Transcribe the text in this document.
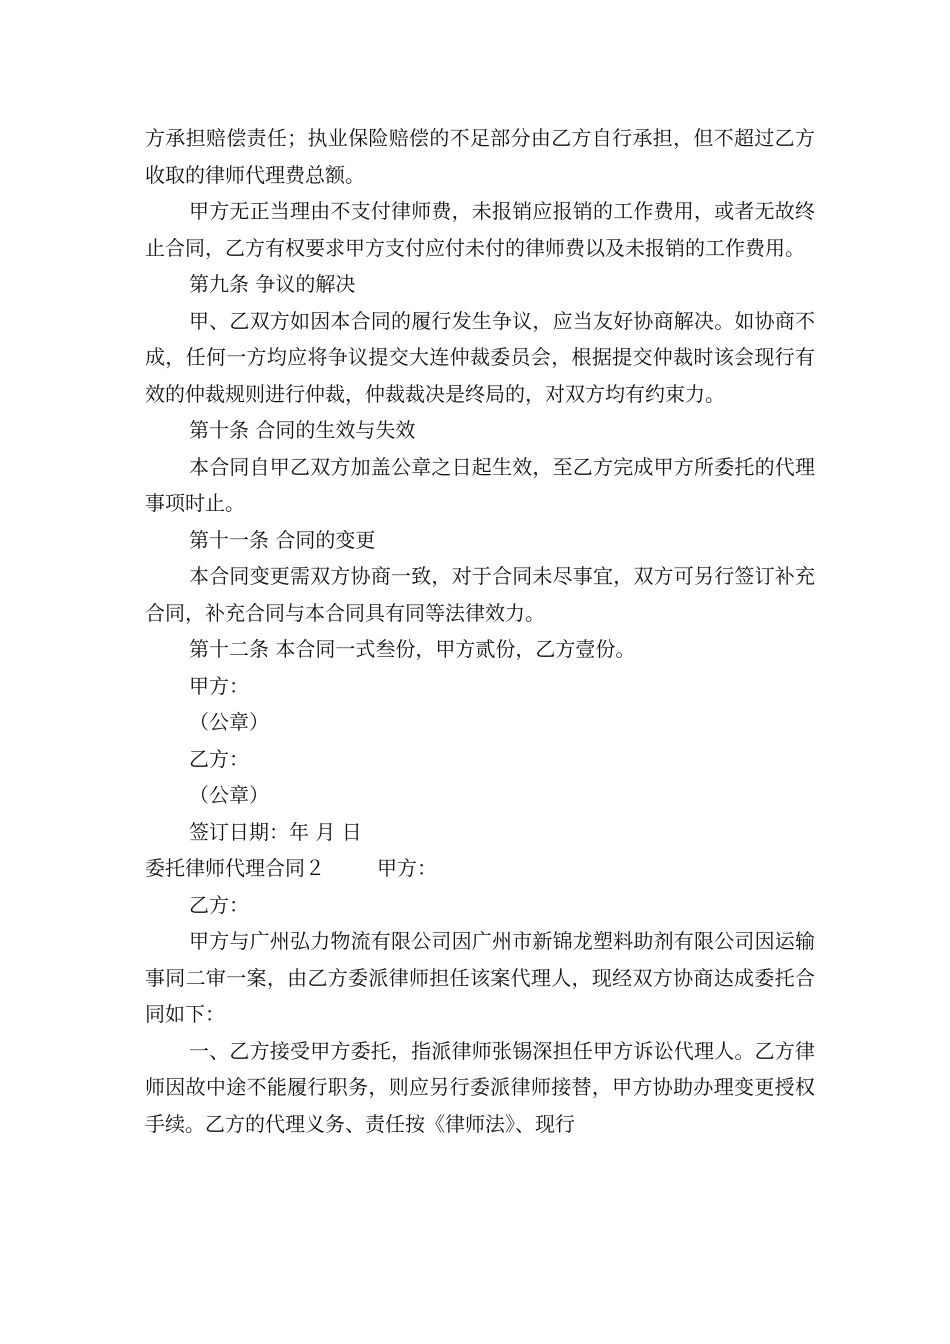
方承担赔偿责任；执业保险赔偿的不足部分由乙方自行承担，但不超过乙方收取的律师代理费总额。

甲方无正当理由不支付律师费，未报销应报销的工作费用，或者无故终止合同，乙方有权要求甲方支付应付未付的律师费以及未报销的工作费用。

第九条 争议的解决

甲、乙双方如因本合同的履行发生争议，应当友好协商解决。如协商不成，任何一方均应将争议提交大连仲裁委员会，根据提交仲裁时该会现行有效的仲裁规则进行仲裁，仲裁裁决是终局的，对双方均有约束力。

第十条 合同的生效与失效

本合同自甲乙双方加盖公章之日起生效，至乙方完成甲方所委托的代理事项时止。

第十一条 合同的变更

本合同变更需双方协商一致，对于合同未尽事宜，双方可另行签订补充合同，补充合同与本合同具有同等法律效力。

第十二条 本合同一式叁份，甲方贰份，乙方壹份。

甲方：

（公章）

乙方：

（公章）

签订日期：年 月 日

委托律师代理合同２	甲方：

乙方：

甲方与广州弘力物流有限公司因广州市新锦龙塑料助剂有限公司因运输事同二审一案，由乙方委派律师担任该案代理人，现经双方协商达成委托合同如下：

一、乙方接受甲方委托，指派律师张锡深担任甲方诉讼代理人。乙方律师因故中途不能履行职务，则应另行委派律师接替，甲方协助办理变更授权手续。乙方的代理义务、责任按《律师法》、现行
